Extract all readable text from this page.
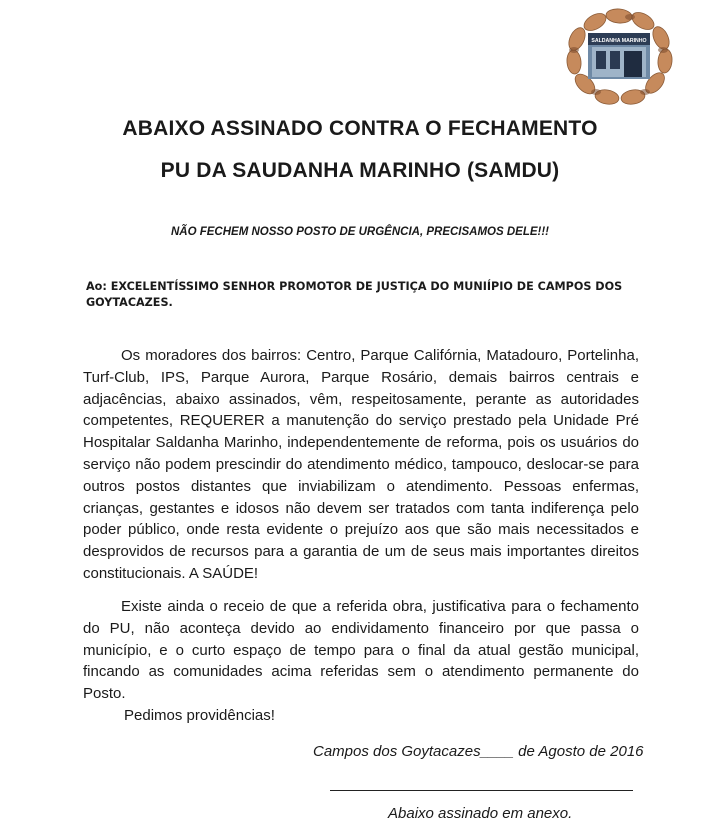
SALDANHA MARINHO
ABAIXO ASSINADO CONTRA O FECHAMENTO
PU DA SAUDANHA MARINHO (SAMDU)
NÃO FECHEM NOSSO POSTO DE URGÊNCIA, PRECISAMOS DELE!!!
Ao: EXCELENTÍSSIMO SENHOR PROMOTOR DE JUSTIÇA DO MUNIÍPIO DE CAMPOS DOS GOYTACAZES.

Os moradores dos bairros: Centro, Parque Califórnia, Matadouro, Portelinha, Turf-Club, IPS, Parque Aurora, Parque Rosário, demais bairros centrais e adjacências, abaixo assinados, vêm, respeitosamente, perante as autoridades competentes, REQUERER a manutenção do serviço prestado pela Unidade Pré Hospitalar Saldanha Marinho, independentemente de reforma, pois os usuários do serviço não podem prescindir do atendimento médico, tampouco, deslocar-se para outros postos distantes que inviabilizam o atendimento. Pessoas enfermas, crianças, gestantes e idosos não devem ser tratados com tanta indiferença pelo poder público, onde resta evidente o prejuízo aos que são mais necessitados e desprovidos de recursos para a garantia de um de seus mais importantes direitos constitucionais. A SAÚDE!

Existe ainda o receio de que a referida obra, justificativa para o fechamento do PU, não aconteça devido ao endividamento financeiro por que passa o município, e o curto espaço de tempo para o final da atual gestão municipal, fincando as comunidades acima referidas sem o atendimento permanente do Posto.

Pedimos providências!
Campos dos Goytacazes____ de Agosto de 2016
Abaixo assinado em anexo.
